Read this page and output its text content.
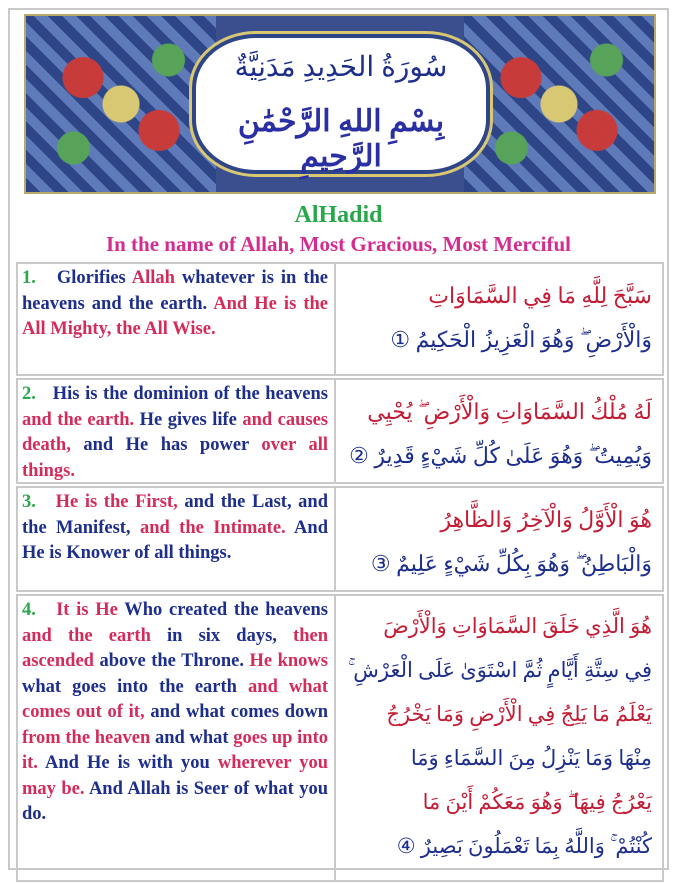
سُورَةُ الحَدِيدِ مَدَنِيَّةٌ
بِسْمِ اللهِ الرَّحْمَٰنِ الرَّحِيمِ
AlHadid
In the name of Allah, Most Gracious, Most Merciful
1.   Glorifies Allah whatever is in the heavens and the earth. And He is the All Mighty, the All Wise.
سَبَّحَ لِلَّهِ مَا فِي السَّمَاوَاتِ
وَالْأَرْضِ ۖ وَهُوَ الْعَزِيزُ الْحَكِيمُ ①
2.   His is the dominion of the heavens and the earth. He gives life and causes death, and He has power over all things.
لَهُ مُلْكُ السَّمَاوَاتِ وَالْأَرْضِ ۖ يُحْيِي
وَيُمِيتُ ۖ وَهُوَ عَلَىٰ كُلِّ شَيْءٍ قَدِيرٌ ②
3.   He is the First, and the Last, and the Manifest, and the Intimate. And He is Knower of all things.
هُوَ الْأَوَّلُ وَالْآخِرُ وَالظَّاهِرُ
وَالْبَاطِنُ ۖ وَهُوَ بِكُلِّ شَيْءٍ عَلِيمٌ ③
4.   It is He Who created the heavens and the earth in six days, then ascended above the Throne. He knows what goes into the earth and what comes out of it, and what comes down from the heaven and what goes up into it. And He is with you wherever you may be. And Allah is Seer of what you do.
هُوَ الَّذِي خَلَقَ السَّمَاوَاتِ وَالْأَرْضَ
فِي سِتَّةِ أَيَّامٍ ثُمَّ اسْتَوَىٰ عَلَى الْعَرْشِ ۚ
يَعْلَمُ مَا يَلِجُ فِي الْأَرْضِ وَمَا يَخْرُجُ
مِنْهَا وَمَا يَنْزِلُ مِنَ السَّمَاءِ وَمَا
يَعْرُجُ فِيهَا ۖ وَهُوَ مَعَكُمْ أَيْنَ مَا
كُنْتُمْ ۚ وَاللَّهُ بِمَا تَعْمَلُونَ بَصِيرٌ ④
